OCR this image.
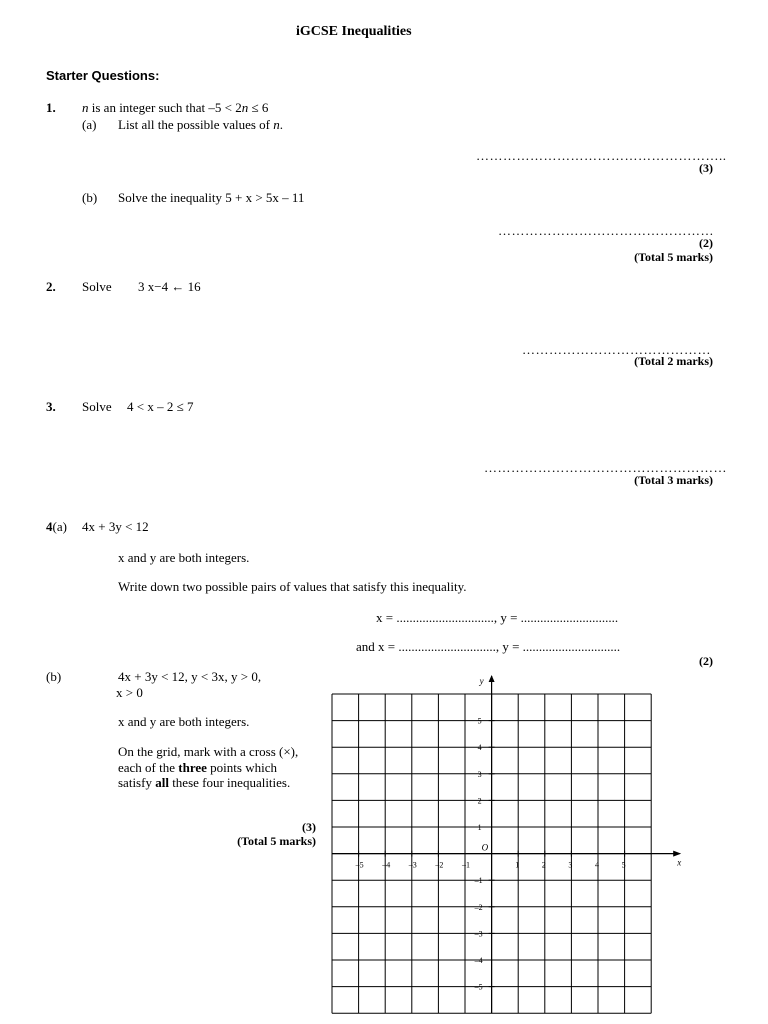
iGCSE Inequalities
Starter Questions:
1. n is an integer such that –5 < 2n ≤ 6
(a) List all the possible values of n.
………………………………………………..
(3)
(b) Solve the inequality 5 + x > 5x – 11
…………………………………………
(2)
(Total 5 marks)
2. Solve 3 x−4 ← 16
……………………………………
(Total 2 marks)
3. Solve 4 < x – 2 ≤ 7
………………………………………………
(Total 3 marks)
4(a) 4x + 3y < 12
x and y are both integers.
Write down two possible pairs of values that satisfy this inequality.
x = .............................., y = ..............................
and x = .............................., y = ..............................
(2)
(b)	4x + 3y < 12, y < 3x, y > 0,
x > 0
x and y are both integers.
On the grid, mark with a cross (×),
each of the three points which
satisfy all these four inequalities.
(3)
(Total 5 marks)
y
x
O
–5 –4 –3 –2 –1	1	2	3	4	5
5
4
3
2
1
–1
–2
–3
–4
–5
